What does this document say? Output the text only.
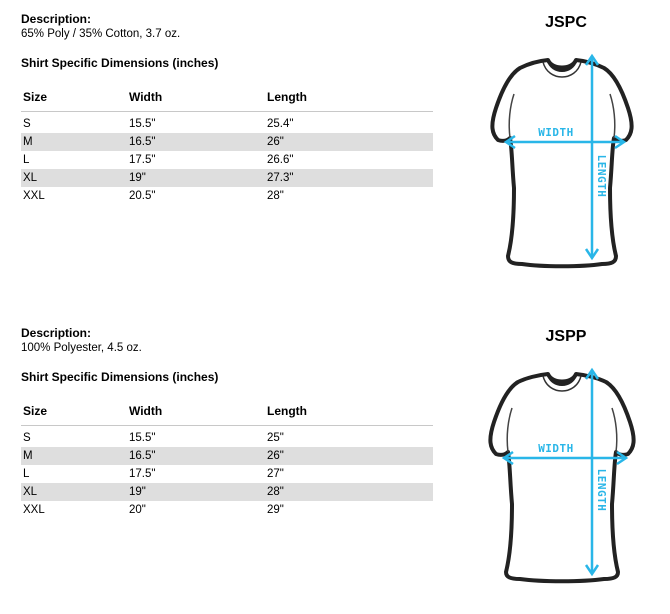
Description:
65% Poly / 35% Cotton, 3.7 oz.
Shirt Specific Dimensions (inches)
Size	Width	Length
S	15.5"	25.4"
M	16.5"	26"
L	17.5"	26.6"
XL	19"	27.3"
XXL	20.5"	28"
JSPC
WIDTH
LENGTH
Description:
100% Polyester, 4.5 oz.
Shirt Specific Dimensions (inches)
Size	Width	Length
S	15.5"	25"
M	16.5"	26"
L	17.5"	27"
XL	19"	28"
XXL	20"	29"
JSPP
WIDTH
LENGTH
